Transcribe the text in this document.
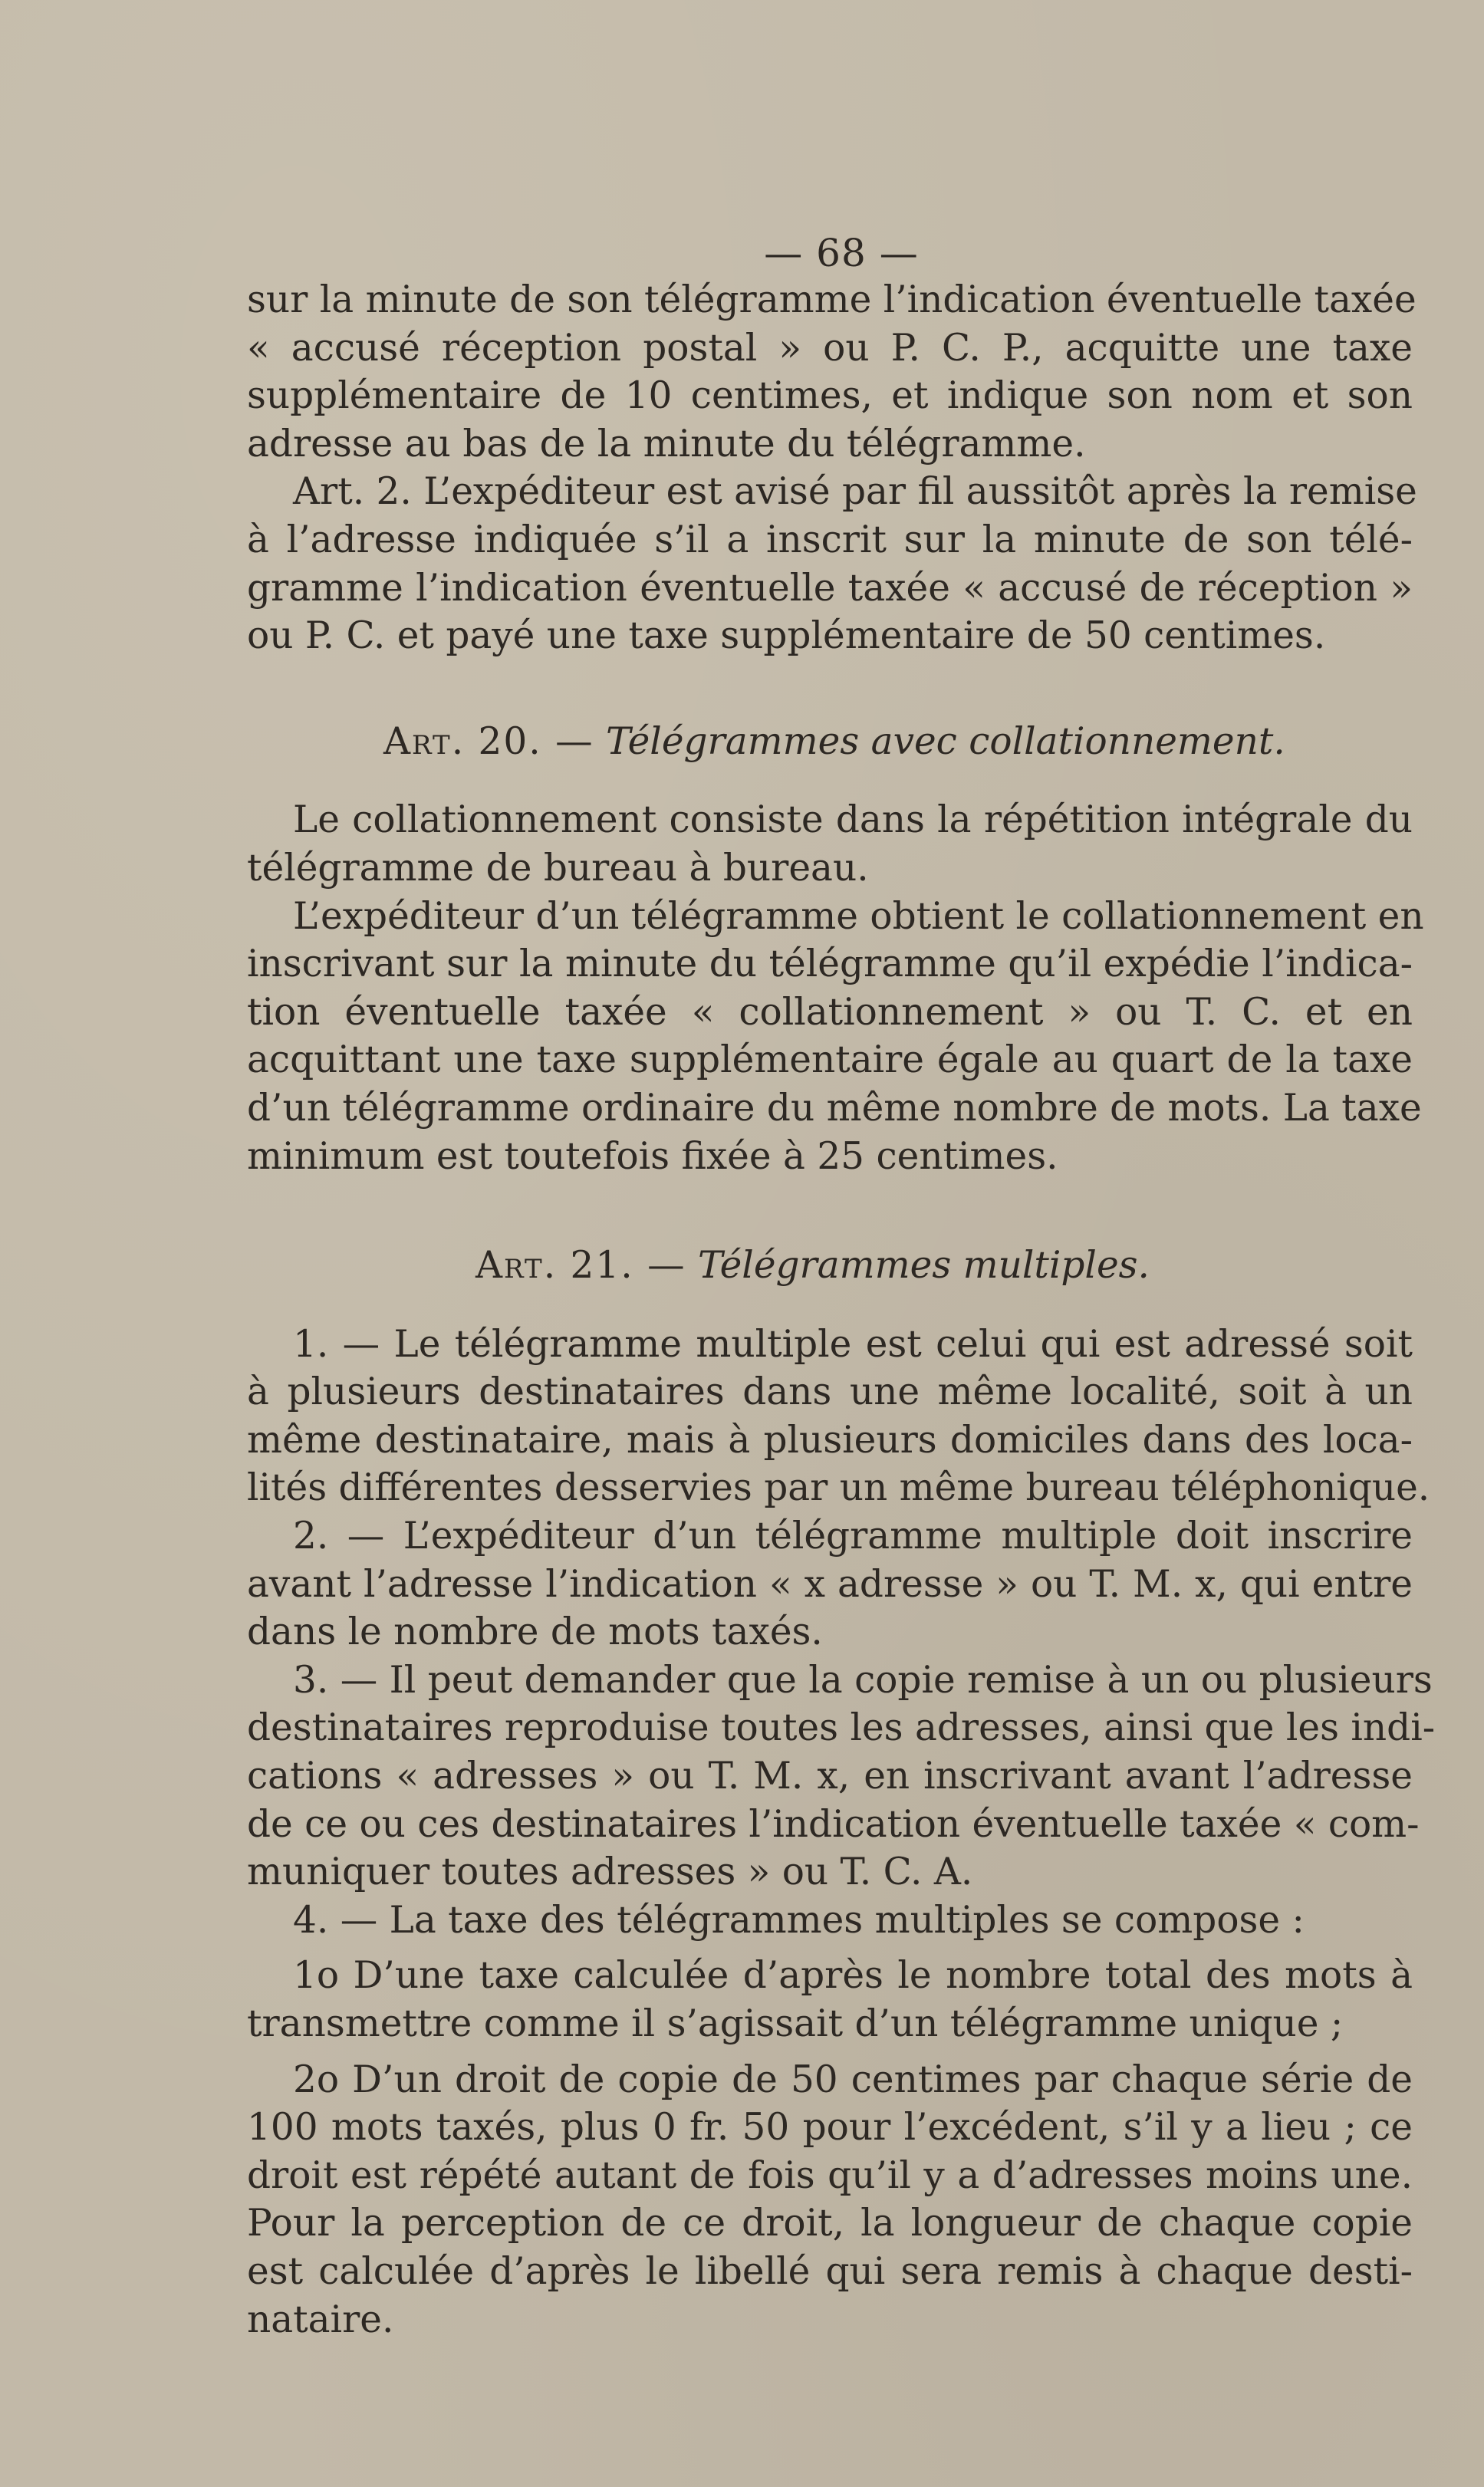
— 68 —

sur la minute de son télégramme l’indication éventuelle taxée

« accusé réception postal » ou P. C. P., acquitte une taxe

supplémentaire de 10 centimes, et indique son nom et son

adresse au bas de la minute du télégramme.

Art. 2. L’expéditeur est avisé par fil aussitôt après la remise

à l’adresse indiquée s’il a inscrit sur la minute de son télé-

gramme l’indication éventuelle taxée « accusé de réception »

ou P. C. et payé une taxe supplémentaire de 50 centimes.

Art. 20. — Télégrammes avec collationnement.

Le collationnement consiste dans la répétition intégrale du

télégramme de bureau à bureau.

L’expéditeur d’un télégramme obtient le collationnement en

inscrivant sur la minute du télégramme qu’il expédie l’indica-

tion éventuelle taxée « collationnement » ou T. C. et en

acquittant une taxe supplémentaire égale au quart de la taxe

d’un télégramme ordinaire du même nombre de mots. La taxe

minimum est toutefois fixée à 25 centimes.

Art. 21. — Télégrammes multiples.

1. — Le télégramme multiple est celui qui est adressé soit

à plusieurs destinataires dans une même localité, soit à un

même destinataire, mais à plusieurs domiciles dans des loca-

lités différentes desservies par un même bureau téléphonique.

2. — L’expéditeur d’un télégramme multiple doit inscrire

avant l’adresse l’indication « x adresse » ou T. M. x, qui entre

dans le nombre de mots taxés.

3. — Il peut demander que la copie remise à un ou plusieurs

destinataires reproduise toutes les adresses, ainsi que les indi-

cations « adresses » ou T. M. x, en inscrivant avant l’adresse

de ce ou ces destinataires l’indication éventuelle taxée « com-

muniquer toutes adresses » ou T. C. A.

4. — La taxe des télégrammes multiples se compose :

1o D’une taxe calculée d’après le nombre total des mots à

transmettre comme il s’agissait d’un télégramme unique ;

2o D’un droit de copie de 50 centimes par chaque série de

100 mots taxés, plus 0 fr. 50 pour l’excédent, s’il y a lieu ; ce

droit est répété autant de fois qu’il y a d’adresses moins une.

Pour la perception de ce droit, la longueur de chaque copie

est calculée d’après le libellé qui sera remis à chaque desti-

nataire.
